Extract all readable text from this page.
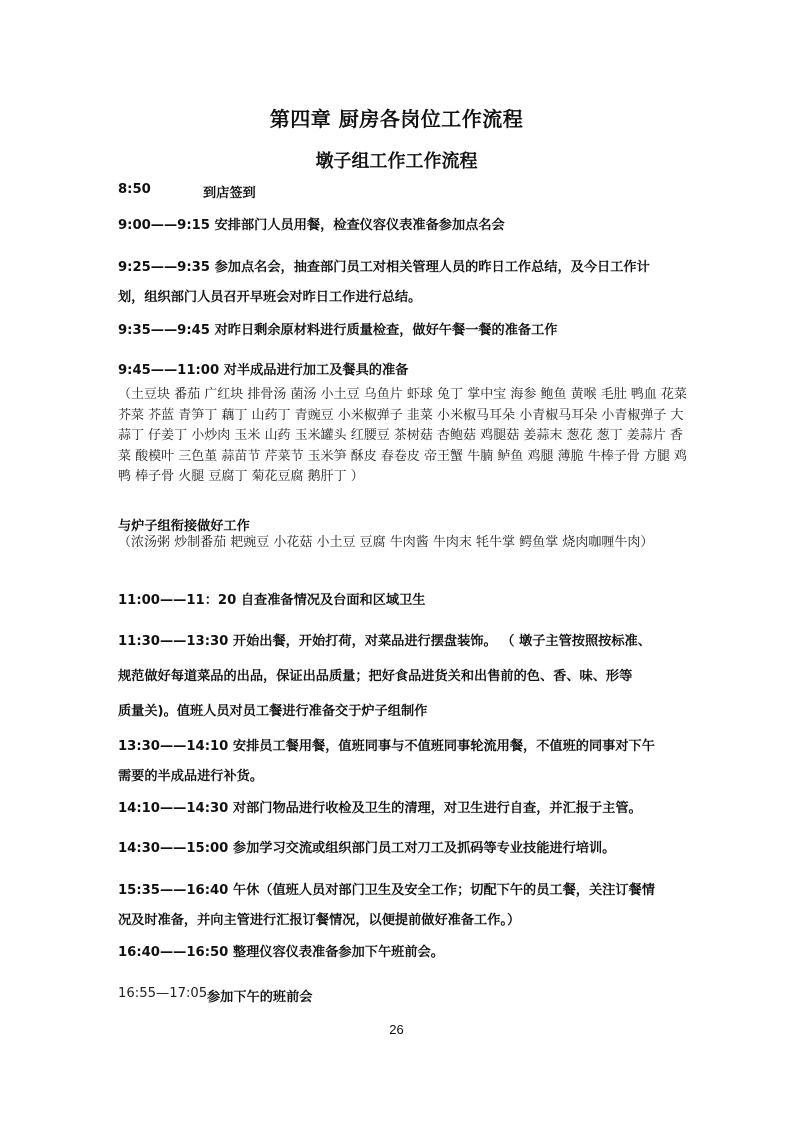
第四章 厨房各岗位工作流程
墩子组工作工作流程
8:50	到店签到
9:00——9:15 安排部门人员用餐，检查仪容仪表准备参加点名会
9:25——9:35 参加点名会，抽查部门员工对相关管理人员的昨日工作总结，及今日工作计
划，组织部门人员召开早班会对昨日工作进行总结。
9:35——9:45 对昨日剩余原材料进行质量检查，做好午餐一餐的准备工作
9:45——11:00 对半成品进行加工及餐具的准备
（土豆块 番茄 广红块 排骨汤 菌汤 小土豆 乌鱼片 虾球 兔丁 掌中宝 海参 鲍鱼 黄喉 毛肚 鸭血 花菜 芥菜 芥蓝 青笋丁 藕丁 山药丁 青豌豆 小米椒弹子 韭菜 小米椒马耳朵 小青椒马耳朵 小青椒弹子 大蒜丁 仔姜丁 小炒肉 玉米 山药 玉米罐头 红腰豆 茶树菇 杏鲍菇 鸡腿菇 姜蒜末 葱花 葱丁 姜蒜片 香菜 酸模叶 三色堇 蒜苗节 芹菜节 玉米笋 酥皮 春卷皮 帝王蟹 牛腩 鲈鱼 鸡腿 薄脆 牛棒子骨 方腿 鸡鸭 棒子骨 火腿 豆腐丁 菊花豆腐 鹅肝丁 ）
与炉子组衔接做好工作
（浓汤粥 炒制番茄 耙豌豆 小花菇 小土豆 豆腐 牛肉酱 牛肉末 牦牛掌 鳄鱼掌 烧肉咖喱牛肉）
11:00——11：20 自查准备情况及台面和区域卫生
11:30——13:30 开始出餐，开始打荷，对菜品进行摆盘装饰。 （ 墩子主管按照按标准、
规范做好每道菜品的出品，保证出品质量；把好食品进货关和出售前的色、香、味、形等
质量关)。值班人员对员工餐进行准备交于炉子组制作
13:30——14:10 安排员工餐用餐，值班同事与不值班同事轮流用餐，不值班的同事对下午
需要的半成品进行补货。
14:10——14:30 对部门物品进行收检及卫生的清理，对卫生进行自查，并汇报于主管。
14:30——15:00 参加学习交流或组织部门员工对刀工及抓码等专业技能进行培训。
15:35——16:40 午休（值班人员对部门卫生及安全工作；切配下午的员工餐，关注订餐情
况及时准备，并向主管进行汇报订餐情况，以便提前做好准备工作。）
16:40——16:50 整理仪容仪表准备参加下午班前会。
16:55—17:05 参加下午的班前会
26
